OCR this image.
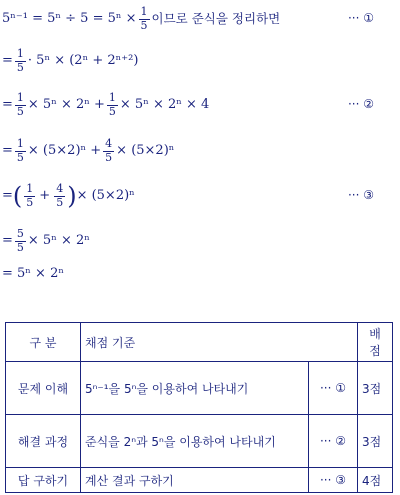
$5^{n-1} = 5^n \div 5 = 5^n \times \frac{1}{5}$ 이므로 준식을 정리하면	··· ①
= $\frac{1}{5} \cdot 5^n \times (2^n + 2^{n+2})$
= $\frac{1}{5} \times 5^n \times 2^n + \frac{1}{5} \times 5^n \times 2^n \times 4$	··· ②
= $\frac{1}{5} \times (5\times 2)^n + \frac{4}{5} \times (5\times 2)^n$
= ( $\frac{1}{5} + \frac{4}{5}$ ) × (5×2)ⁿ	··· ③
= $\frac{5}{5} \times 5^n \times 2^n$
= 5ⁿ × 2ⁿ
구 분	채점 기준		배 점
문제 이해	5ⁿ⁻¹을 5ⁿ을 이용하여 나타내기	··· ①	3점
해결 과정	준식을 2ⁿ과 5ⁿ을 이용하여 나타내기	··· ②	3점
답 구하기	계산 결과 구하기	··· ③	4점
